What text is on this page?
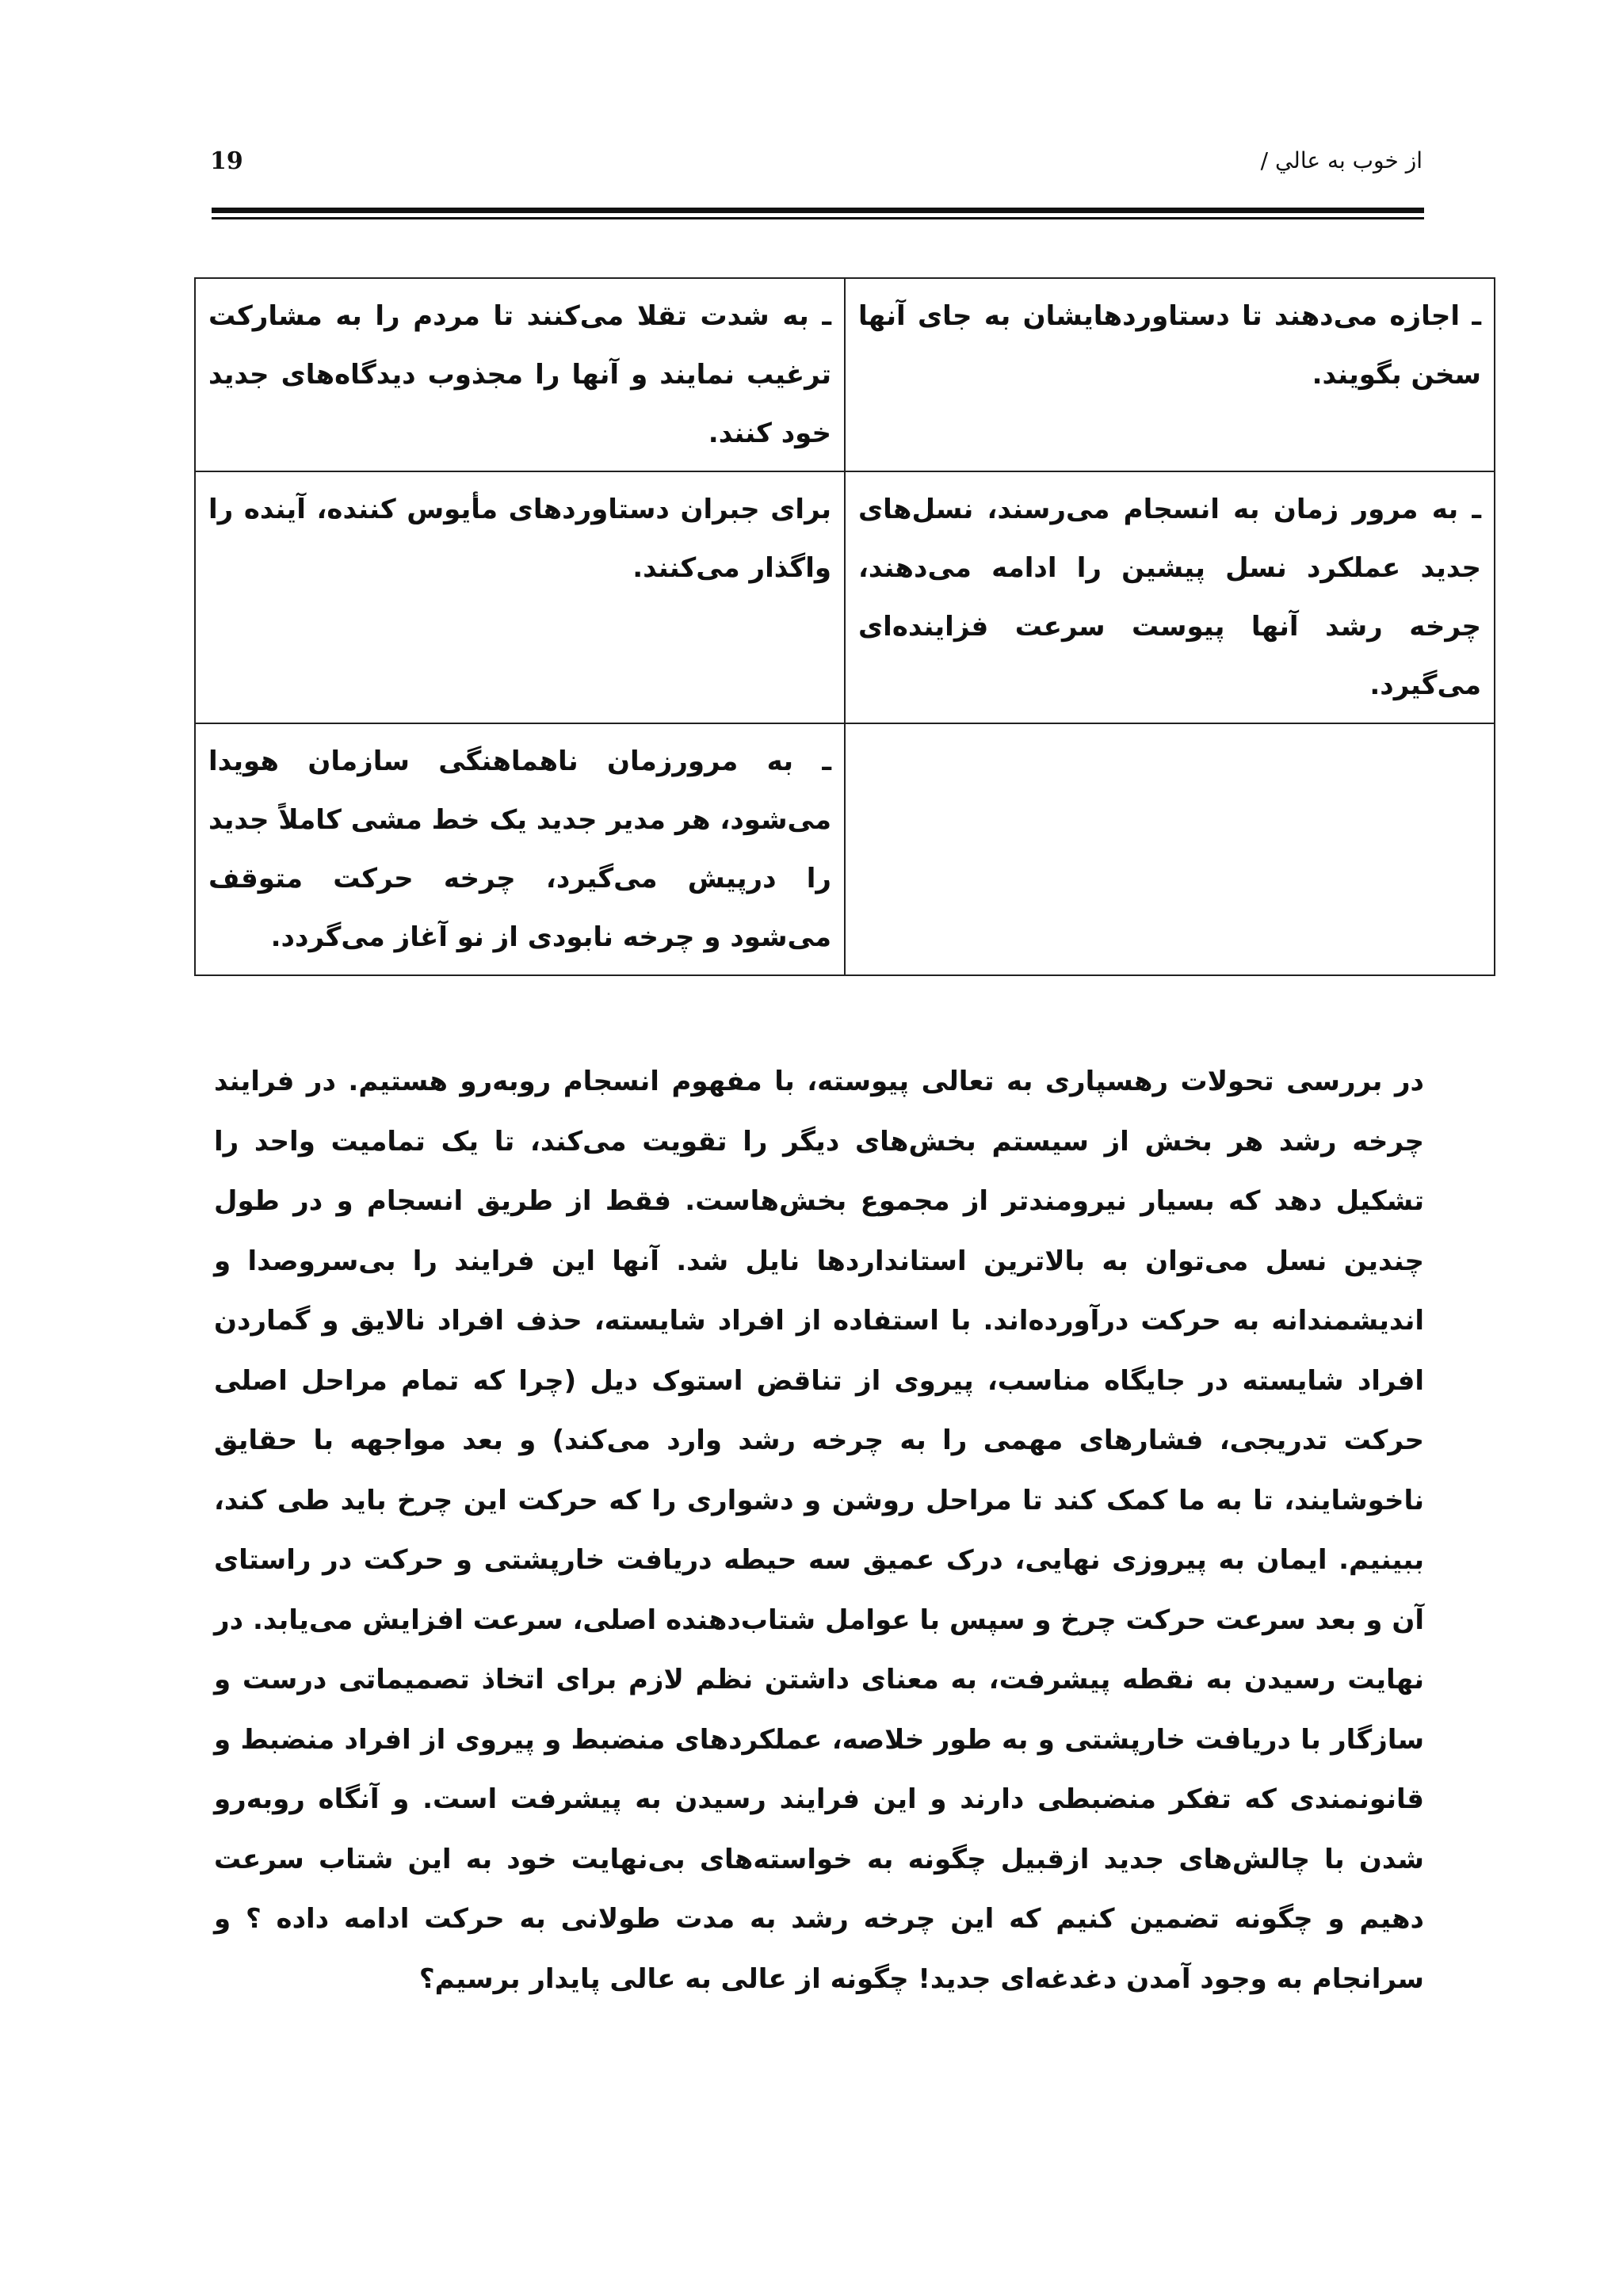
19	از خوب به عالي /
ـ اجازه می‌دهند تا دستاوردهایشان به جای آنها سخن بگویند.	ـ به شدت تقلا می‌کنند تا مردم را به مشارکت ترغیب نمایند و آنها را مجذوب دیدگاه‌های جدید خود کنند.
ـ به مرور زمان به انسجام می‌رسند، نسل‌های جدید عملکرد نسل پیشین را ادامه می‌دهند، چرخه رشد آنها پیوست سرعت فزاینده‌ای می‌گیرد.	برای جبران دستاوردهای مأیوس کننده، آینده را واگذار می‌کنند.
	ـ به مرورزمان ناهماهنگی سازمان هویدا می‌شود، هر مدیر جدید یک خط مشی کاملاً جدید را درپیش می‌گیرد، چرخه حرکت متوقف می‌شود و چرخه نابودی از نو آغاز می‌گردد.

در بررسی تحولات رهسپاری به تعالی پیوسته، با مفهوم انسجام روبه‌رو هستیم. در فرایند چرخه رشد هر بخش از سیستم بخش‌های دیگر را تقویت می‌کند، تا یک تمامیت واحد را تشکیل دهد که بسیار نیرومندتر از مجموع بخش‌هاست. فقط از طریق انسجام و در طول چندین نسل می‌توان به بالاترین استانداردها نایل شد. آنها این فرایند را بی‌سروصدا و اندیشمندانه به حرکت درآورده‌اند. با استفاده از افراد شایسته، حذف افراد نالایق و گماردن افراد شایسته در جایگاه مناسب، پیروی از تناقض استوک دیل (چرا که تمام مراحل اصلی حرکت تدریجی، فشارهای مهمی را به چرخه رشد وارد می‌کند) و بعد مواجهه با حقایق ناخوشایند، تا به ما کمک کند تا مراحل روشن و دشواری را که حرکت این چرخ باید طی کند، ببینیم. ایمان به پیروزی نهایی، درک عمیق سه حیطه دریافت خارپشتی و حرکت در راستای آن و بعد سرعت حرکت چرخ و سپس با عوامل شتاب‌دهنده اصلی، سرعت افزایش می‌یابد. در نهایت رسیدن به نقطه پیشرفت، به معنای داشتن نظم لازم برای اتخاذ تصمیماتی درست و سازگار با دریافت خارپشتی و به طور خلاصه، عملکردهای منضبط و پیروی از افراد منضبط و قانونمندی که تفکر منضبطی دارند و این فرایند رسیدن به پیشرفت است. و آنگاه روبه‌رو شدن با چالش‌های جدید ازقبیل چگونه به خواسته‌های بی‌نهایت خود به این شتاب سرعت دهیم و چگونه تضمین کنیم که این چرخه رشد به مدت طولانی به حرکت ادامه داده ؟ و سرانجام به وجود آمدن دغدغه‌ای جدید! چگونه از عالی به عالی پایدار برسیم؟
